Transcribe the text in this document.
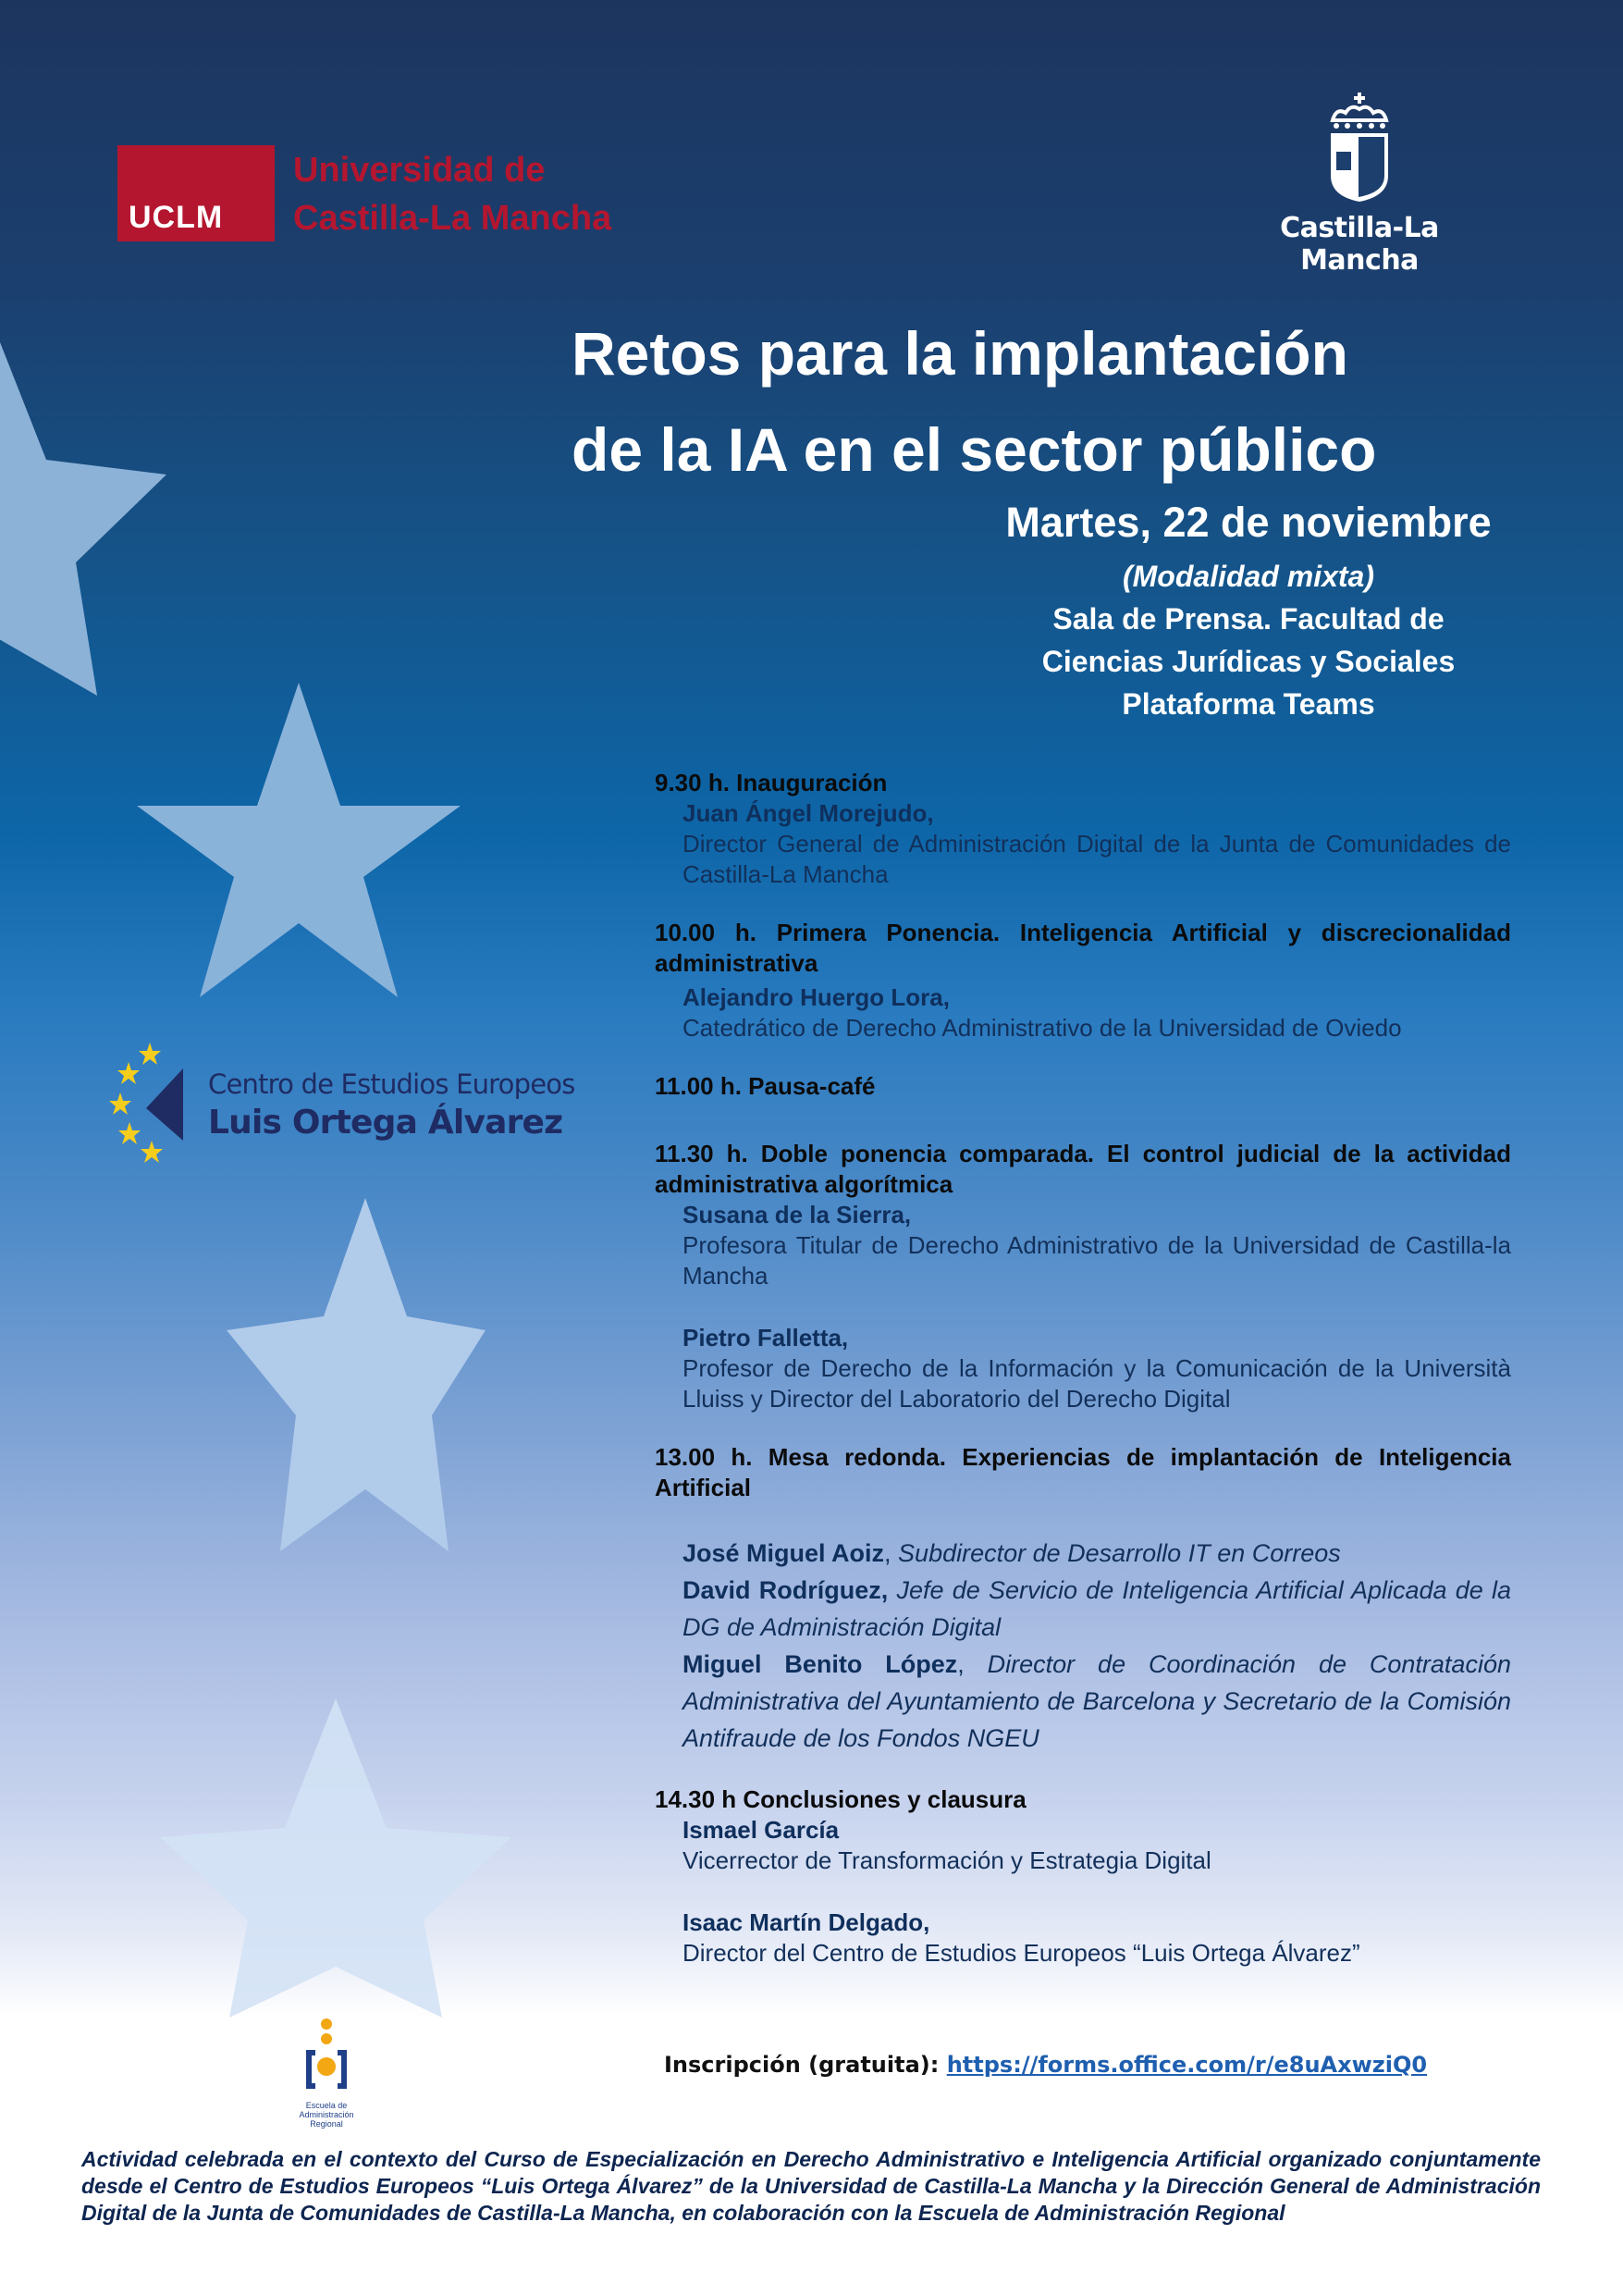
UCLM
Universidad de
Castilla-La Mancha	Castilla-La Mancha
Retos para la implantación
de la IA en el sector público
Martes, 22 de noviembre
(Modalidad mixta)
Sala de Prensa. Facultad de
Ciencias Jurídicas y Sociales
Plataforma Teams
Centro de Estudios Europeos
Luis Ortega Álvarez
9.30 h. Inauguración
Juan Ángel Morejudo,
Director General de Administración Digital de la Junta de Comunidades de Castilla-La Mancha
10.00 h. Primera Ponencia. Inteligencia Artificial y discrecionalidad administrativa
Alejandro Huergo Lora,
Catedrático de Derecho Administrativo de la Universidad de Oviedo
11.00 h. Pausa-café
11.30 h. Doble ponencia comparada. El control judicial de la actividad administrativa algorítmica
Susana de la Sierra,
Profesora Titular de Derecho Administrativo de la Universidad de Castilla-la Mancha
Pietro Falletta,
Profesor de Derecho de la Información y la Comunicación de la Università Lluiss y Director del Laboratorio del Derecho Digital
13.00 h. Mesa redonda. Experiencias de implantación de Inteligencia Artificial

José Miguel Aoiz, Subdirector de Desarrollo IT en Correos

David Rodríguez, Jefe de Servicio de Inteligencia Artificial Aplicada de la DG de Administración Digital

Miguel Benito López, Director de Coordinación de Contratación Administrativa del Ayuntamiento de Barcelona y Secretario de la Comisión Antifraude de los Fondos NGEU

14.30 h Conclusiones y clausura
Ismael García
Vicerrector de Transformación y Estrategia Digital
Isaac Martín Delgado,
Director del Centro de Estudios Europeos “Luis Ortega Álvarez”
Inscripción (gratuita): https://forms.office.com/r/e8uAxwziQ0
Escuela de
Administración
Regional
Actividad celebrada en el contexto del Curso de Especialización en Derecho Administrativo e Inteligencia Artificial organizado conjuntamente desde el Centro de Estudios Europeos “Luis Ortega Álvarez” de la Universidad de Castilla-La Mancha y la Dirección General de Administración Digital de la Junta de Comunidades de Castilla-La Mancha, en colaboración con la Escuela de Administración Regional
